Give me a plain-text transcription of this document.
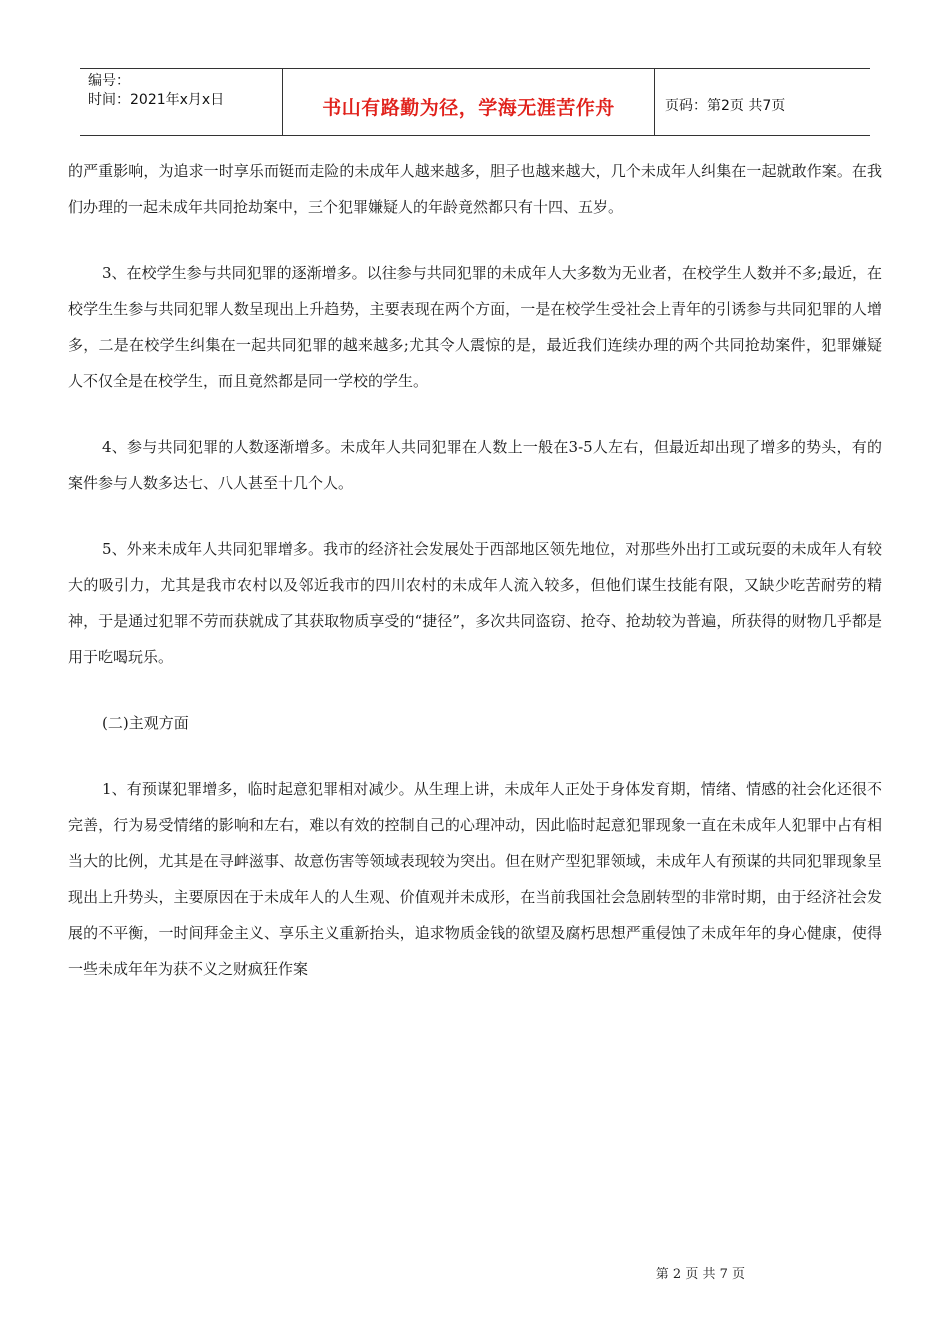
编号：
时间：2021年x月x日	书山有路勤为径，学海无涯苦作舟	页码：第2页 共7页

的严重影响，为追求一时享乐而铤而走险的未成年人越来越多，胆子也越来越大，几个未成年人纠集在一起就敢作案。在我们办理的一起未成年共同抢劫案中，三个犯罪嫌疑人的年龄竟然都只有十四、五岁。

3、在校学生参与共同犯罪的逐渐增多。以往参与共同犯罪的未成年人大多数为无业者，在校学生人数并不多;最近，在校学生生参与共同犯罪人数呈现出上升趋势，主要表现在两个方面，一是在校学生受社会上青年的引诱参与共同犯罪的人增多，二是在校学生纠集在一起共同犯罪的越来越多;尤其令人震惊的是，最近我们连续办理的两个共同抢劫案件，犯罪嫌疑人不仅全是在校学生，而且竟然都是同一学校的学生。

4、参与共同犯罪的人数逐渐增多。未成年人共同犯罪在人数上一般在3-5人左右，但最近却出现了增多的势头，有的案件参与人数多达七、八人甚至十几个人。

5、外来未成年人共同犯罪增多。我市的经济社会发展处于西部地区领先地位，对那些外出打工或玩耍的未成年人有较大的吸引力，尤其是我市农村以及邻近我市的四川农村的未成年人流入较多，但他们谋生技能有限，又缺少吃苦耐劳的精神，于是通过犯罪不劳而获就成了其获取物质享受的“捷径”，多次共同盗窃、抢夺、抢劫较为普遍，所获得的财物几乎都是用于吃喝玩乐。

(二)主观方面

1、有预谋犯罪增多，临时起意犯罪相对减少。从生理上讲，未成年人正处于身体发育期，情绪、情感的社会化还很不完善，行为易受情绪的影响和左右，难以有效的控制自己的心理冲动，因此临时起意犯罪现象一直在未成年人犯罪中占有相当大的比例，尤其是在寻衅滋事、故意伤害等领域表现较为突出。但在财产型犯罪领域，未成年人有预谋的共同犯罪现象呈现出上升势头，主要原因在于未成年人的人生观、价值观并未成形，在当前我国社会急剧转型的非常时期，由于经济社会发展的不平衡，一时间拜金主义、享乐主义重新抬头，追求物质金钱的欲望及腐朽思想严重侵蚀了未成年年的身心健康，使得一些未成年年为获不义之财疯狂作案

第 2 页 共 7 页
